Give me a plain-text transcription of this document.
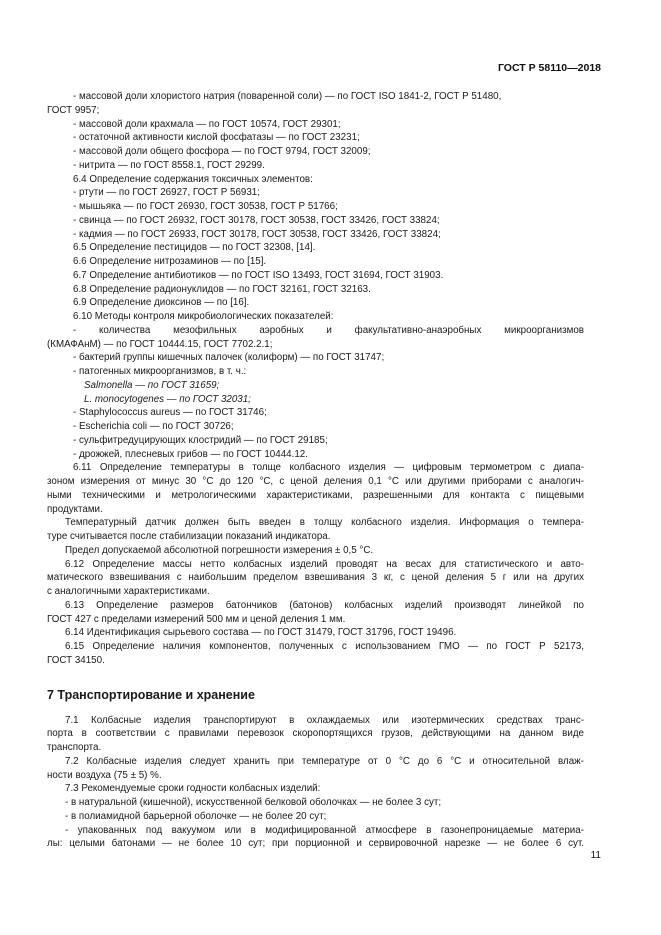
ГОСТ Р 58110—2018
- массовой доли хлористого натрия (поваренной соли) — по ГОСТ ISO 1841-2, ГОСТ Р 51480,
ГОСТ 9957;
- массовой доли крахмала — по ГОСТ 10574, ГОСТ 29301;
- остаточной активности кислой фосфатазы — по ГОСТ 23231;
- массовой доли общего фосфора — по ГОСТ 9794, ГОСТ 32009;
- нитрита — по ГОСТ 8558.1, ГОСТ 29299.
6.4 Определение содержания токсичных элементов:
- ртути — по ГОСТ 26927, ГОСТ Р 56931;
- мышьяка — по ГОСТ 26930, ГОСТ 30538, ГОСТ Р 51766;
- свинца — по ГОСТ 26932, ГОСТ 30178, ГОСТ 30538, ГОСТ 33426, ГОСТ 33824;
- кадмия — по ГОСТ 26933, ГОСТ 30178, ГОСТ 30538, ГОСТ 33426, ГОСТ 33824;
6.5 Определение пестицидов — по ГОСТ 32308, [14].
6.6 Определение нитрозаминов — по [15].
6.7 Определение антибиотиков — по ГОСТ ISO 13493, ГОСТ 31694, ГОСТ 31903.
6.8 Определение радионуклидов — по ГОСТ 32161, ГОСТ 32163.
6.9 Определение диоксинов — по [16].
6.10 Методы контроля микробиологических показателей:
- количества мезофильных аэробных и факультативно-анаэробных микроорганизмов
(КМАФАнМ) — по ГОСТ 10444.15, ГОСТ 7702.2.1;
- бактерий группы кишечных палочек (колиформ) — по ГОСТ 31747;
- патогенных микроорганизмов, в т. ч.:
Salmonella — по ГОСТ 31659;
L. monocytogenes — по ГОСТ 32031;
- Staphylococcus aureus — по ГОСТ 31746;
- Escherichia coli — по ГОСТ 30726;
- сульфитредуцирующих клостридий — по ГОСТ 29185;
- дрожжей, плесневых грибов — по ГОСТ 10444.12.
6.11 Определение температуры в толще колбасного изделия — цифровым термометром с диапа-
зоном измерения от минус 30 °С до 120 °С, с ценой деления 0,1 °С или другими приборами с аналогич-
ными техническими и метрологическими характеристиками, разрешенными для контакта с пищевыми
продуктами.
Температурный датчик должен быть введен в толщу колбасного изделия. Информация о темпера-
туре считывается после стабилизации показаний индикатора.
Предел допускаемой абсолютной погрешности измерения ± 0,5 °С.
6.12 Определение массы нетто колбасных изделий проводят на весах для статистического и авто-
матического взвешивания с наибольшим пределом взвешивания 3 кг, с ценой деления 5 г или на других
с аналогичными характеристиками.
6.13 Определение размеров батончиков (батонов) колбасных изделий производят линейкой по
ГОСТ 427 с пределами измерений 500 мм и ценой деления 1 мм.
6.14 Идентификация сырьевого состава — по ГОСТ 31479, ГОСТ 31796, ГОСТ 19496.
6.15 Определение наличия компонентов, полученных с использованием ГМО — по ГОСТ Р 52173,
ГОСТ 34150.
7 Транспортирование и хранение
7.1 Колбасные изделия транспортируют в охлаждаемых или изотермических средствах транс-
порта в соответствии с правилами перевозок скоропортящихся грузов, действующими на данном виде
транспорта.
7.2 Колбасные изделия следует хранить при температуре от 0 °С до 6 °С и относительной влаж-
ности воздуха (75 ± 5) %.
7.3 Рекомендуемые сроки годности колбасных изделий:
- в натуральной (кишечной), искусственной белковой оболочках — не более 3 сут;
- в полиамидной барьерной оболочке — не более 20 сут;
- упакованных под вакуумом или в модифицированной атмосфере в газонепроницаемые материа-
лы: целыми батонами — не более 10 сут; при порционной и сервировочной нарезке — не более 6 сут.
11
